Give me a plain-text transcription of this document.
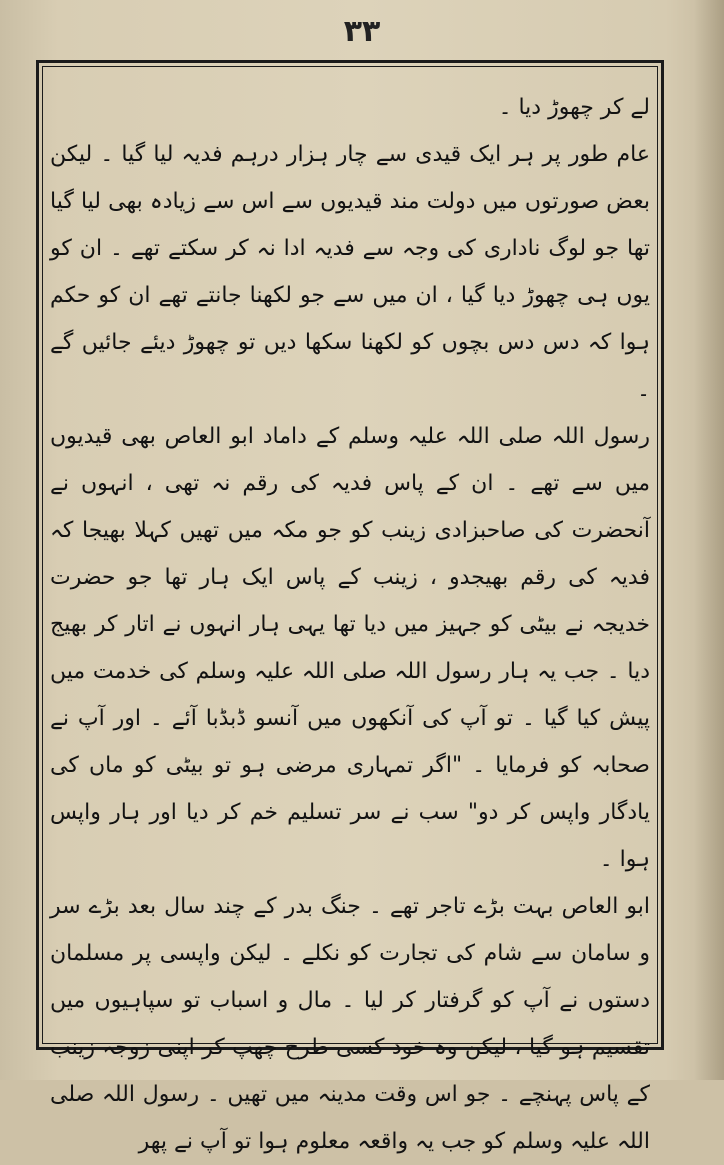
۳۳

لے کر چھوڑ دیا ۔

عام طور پر ہر ایک قیدی سے چار ہزار درہم فدیہ لیا گیا ۔ لیکن بعض صورتوں میں دولت مند قیدیوں سے اس سے زیادہ بھی لیا گیا تھا جو لوگ ناداری کی وجہ سے فدیہ ادا نہ کر سکتے تھے ۔ ان کو یوں ہی چھوڑ دیا گیا ، ان میں سے جو لکھنا جانتے تھے ان کو حکم ہوا کہ دس دس بچوں کو لکھنا سکھا دیں تو چھوڑ دیئے جائیں گے ۔

رسول اللہ صلی اللہ علیہ وسلم کے داماد ابو العاص بھی قیدیوں میں سے تھے ۔ ان کے پاس فدیہ کی رقم نہ تھی ، انہوں نے آنحضرت کی صاحبزادی زینب کو جو مکہ میں تھیں کہلا بھیجا کہ فدیہ کی رقم بھیجدو ، زینب کے پاس ایک ہار تھا جو حضرت خدیجہ نے بیٹی کو جہیز میں دیا تھا یہی ہار انہوں نے اتار کر بھیج دیا ۔ جب یہ ہار رسول اللہ صلی اللہ علیہ وسلم کی خدمت میں پیش کیا گیا ۔ تو آپ کی آنکھوں میں آنسو ڈبڈبا آئے ۔ اور آپ نے صحابہ کو فرمایا ۔ "اگر تمہاری مرضی ہو تو بیٹی کو ماں کی یادگار واپس کر دو" سب نے سر تسلیم خم کر دیا اور ہار واپس ہوا ۔

ابو العاص بہت بڑے تاجر تھے ۔ جنگ بدر کے چند سال بعد بڑے سر و سامان سے شام کی تجارت کو نکلے ۔ لیکن واپسی پر مسلمان دستوں نے آپ کو گرفتار کر لیا ۔ مال و اسباب تو سپاہیوں میں تقسیم ہو گیا ، لیکن وہ خود کسی طرح چھپ کر اپنی زوجہ زینب کے پاس پہنچے ۔ جو اس وقت مدینہ میں تھیں ۔ رسول اللہ صلی اللہ علیہ وسلم کو جب یہ واقعہ معلوم ہوا تو آپ نے پھر
